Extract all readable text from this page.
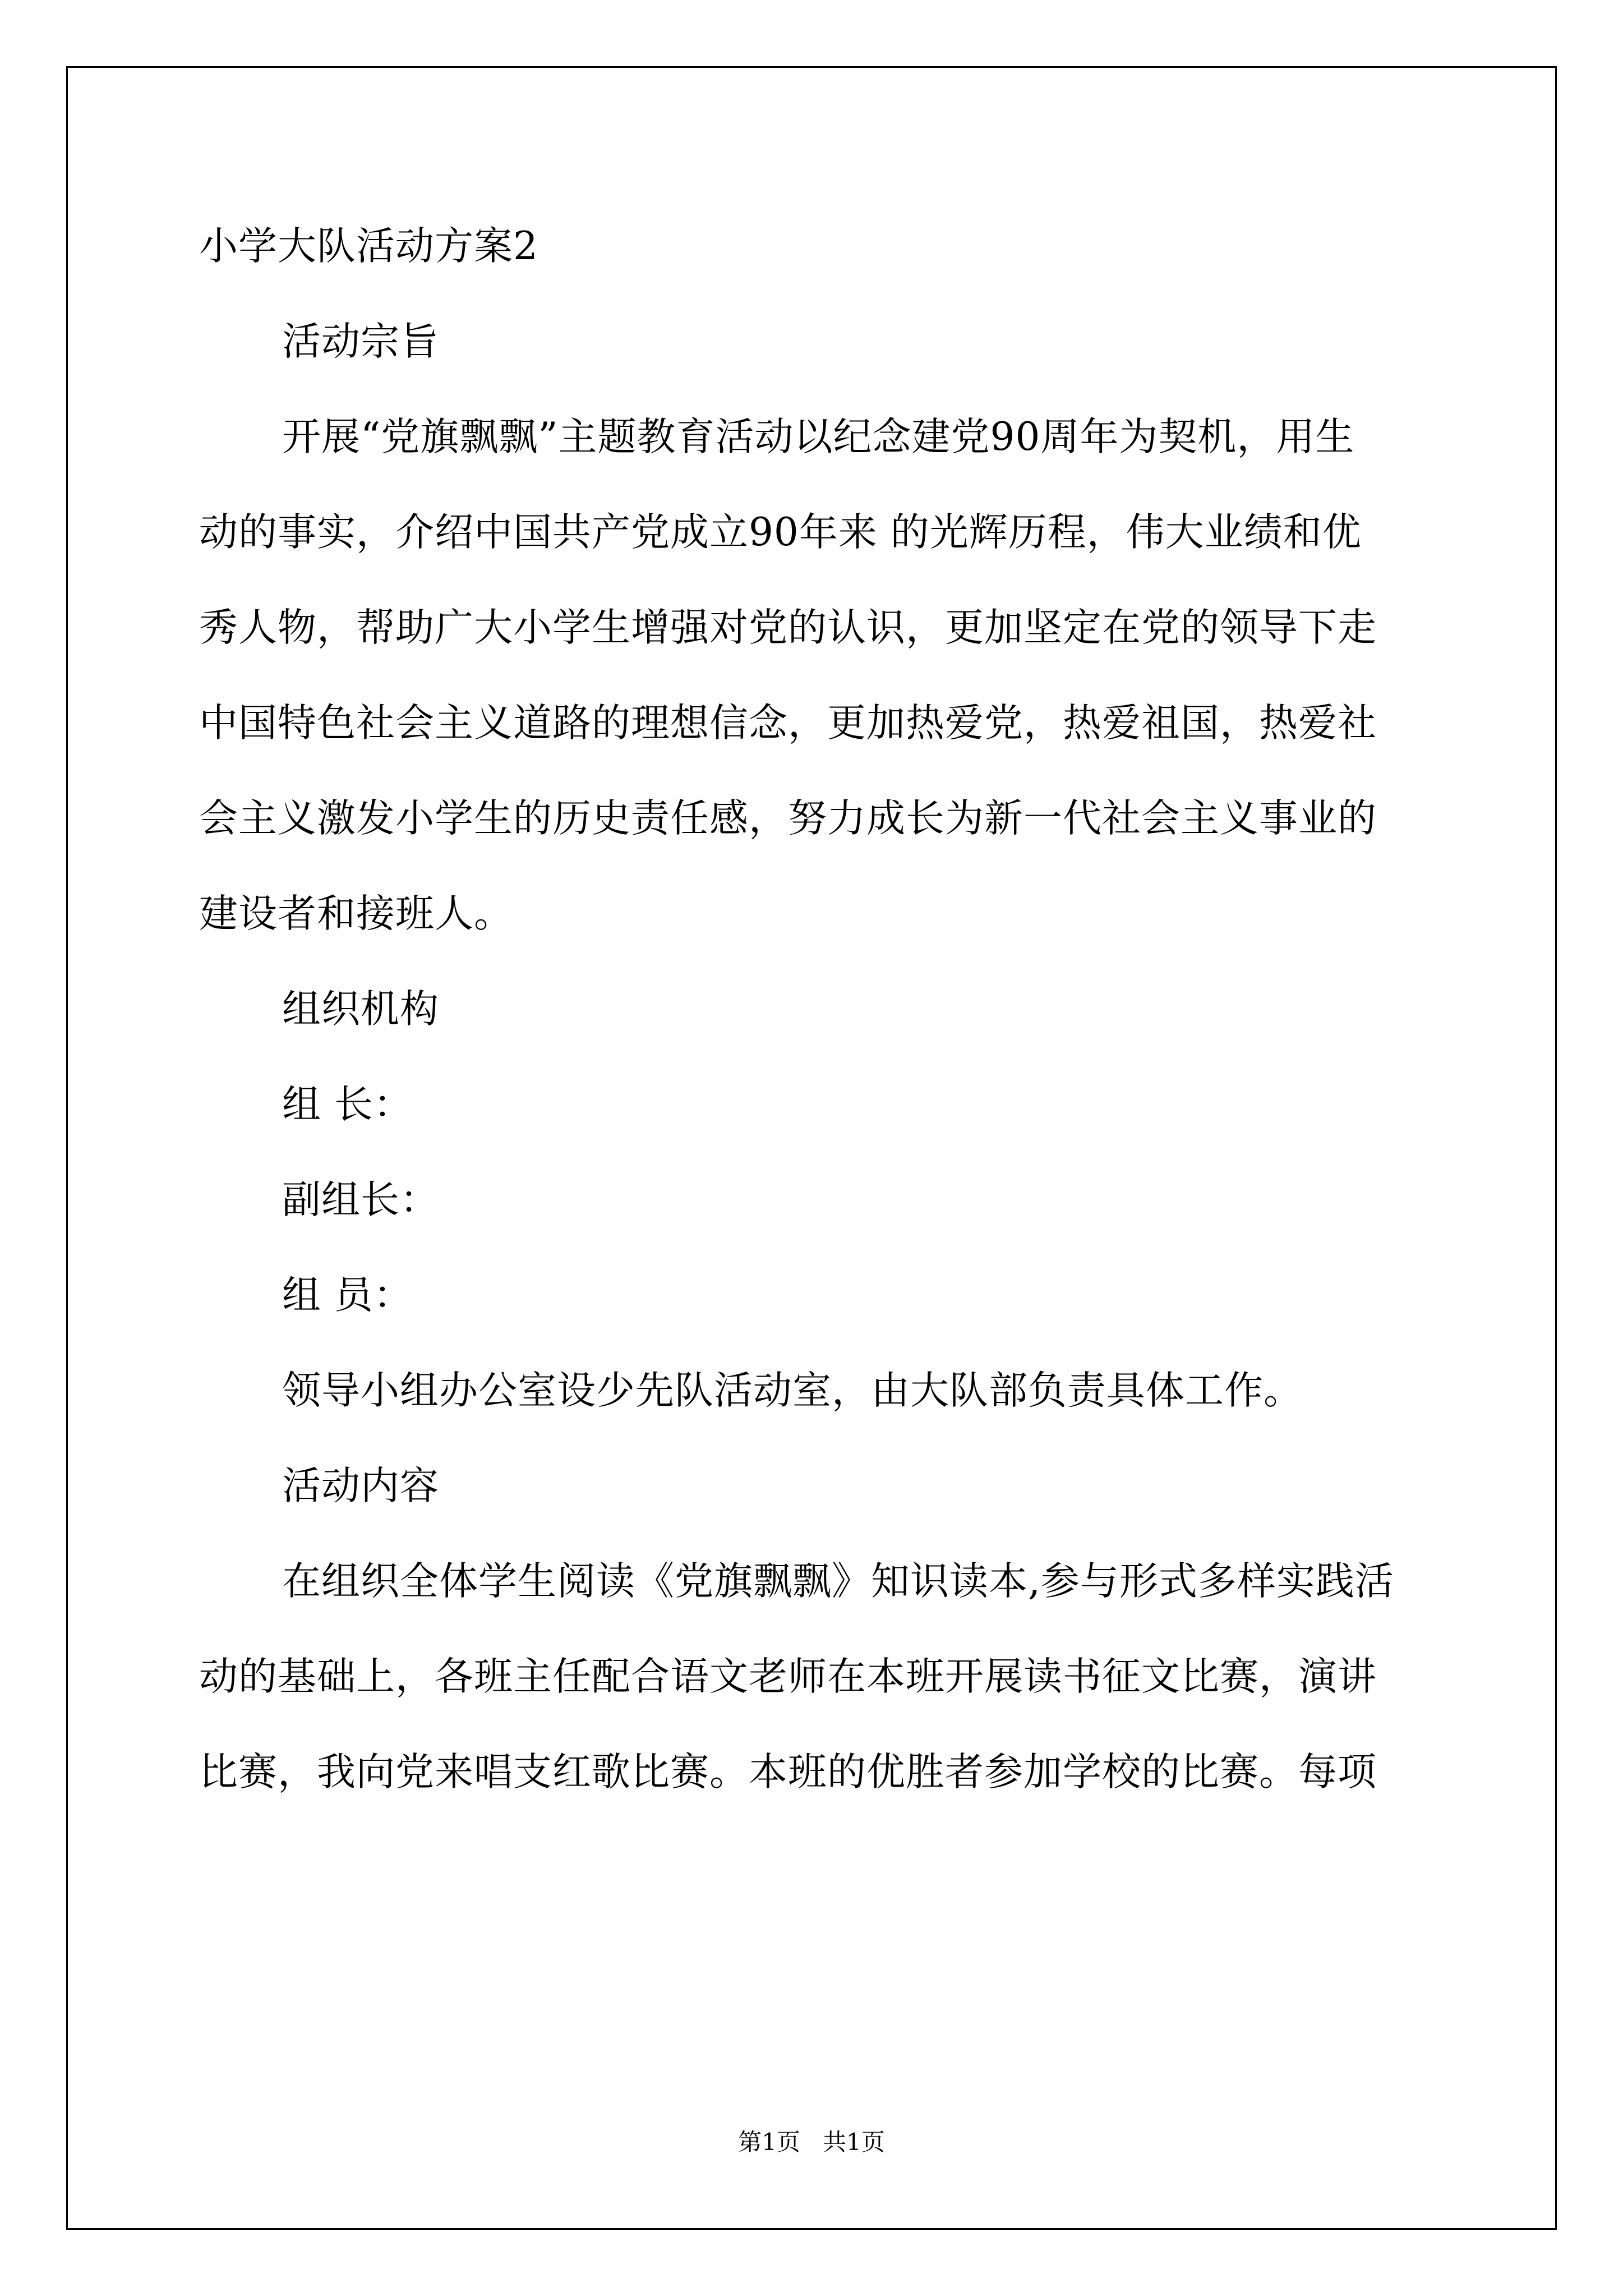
小学大队活动方案2
活动宗旨
开展“党旗飘飘”主题教育活动以纪念建党90周年为契机，用生
动的事实，介绍中国共产党成立90年来 的光辉历程，伟大业绩和优
秀人物，帮助广大小学生增强对党的认识，更加坚定在党的领导下走
中国特色社会主义道路的理想信念，更加热爱党，热爱祖国，热爱社
会主义激发小学生的历史责任感，努力成长为新一代社会主义事业的
建设者和接班人。
组织机构
组 长：
副组长：
组 员：
领导小组办公室设少先队活动室，由大队部负责具体工作。
活动内容
在组织全体学生阅读《党旗飘飘》知识读本,参与形式多样实践活
动的基础上，各班主任配合语文老师在本班开展读书征文比赛，演讲
比赛，我向党来唱支红歌比赛。本班的优胜者参加学校的比赛。每项
第1页   共1页
